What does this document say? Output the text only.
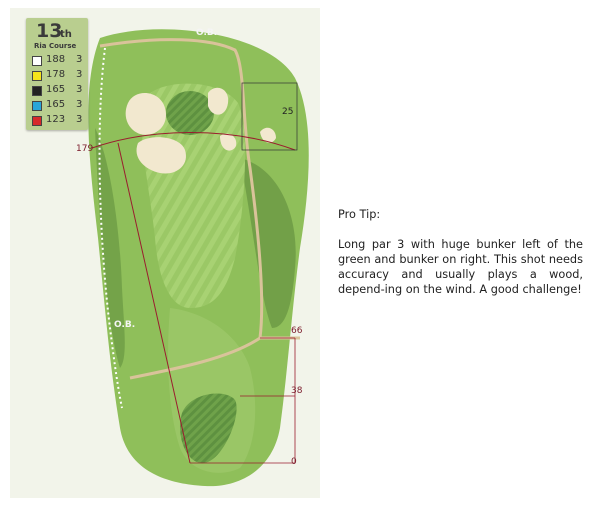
13
th
Ria Course
188 3
178 3
165 3
165 3
123 3
O.B.
O.B.
179
25
66
38
0
Pro Tip:
Long par 3 with huge bunker left of the green and bunker on right. This shot needs accuracy and usually plays a wood, depend-ing on the wind. A good challenge!
